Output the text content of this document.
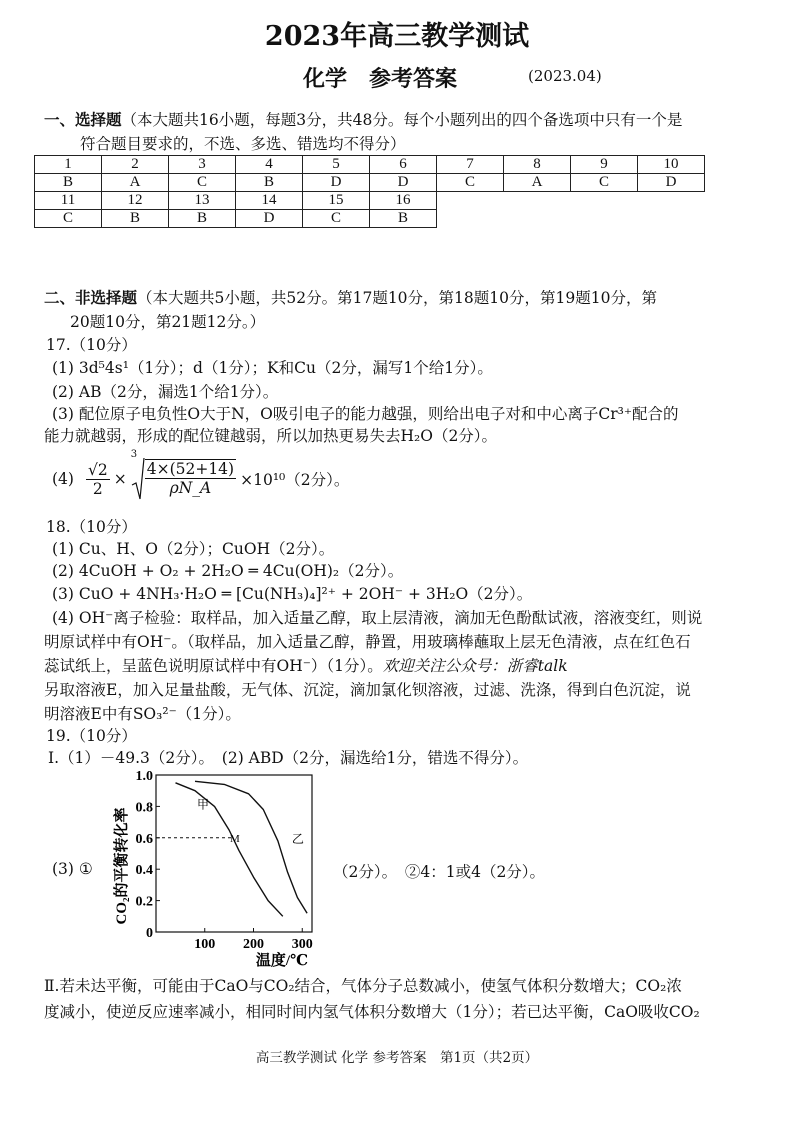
2023年高三教学测试
化学　参考答案	(2023.04)
一、选择题（本大题共16小题，每题3分，共48分。每个小题列出的四个备选项中只有一个是
符合题目要求的，不选、多选、错选均不得分）
1	2	3	4	5	6	7	8	9	10
B	A	C	B	D	D	C	A	C	D
11	12	13	14	15	16				
C	B	B	D	C	B				
二、非选择题（本大题共5小题，共52分。第17题10分，第18题10分，第19题10分，第
20题10分，第21题12分。）
17.（10分）
(1) 3d⁵4s¹（1分）；d（1分）；K和Cu（2分，漏写1个给1分）。
(2) AB（2分，漏选1个给1分）。
(3) 配位原子电负性O大于N，O吸引电子的能力越强，则给出电子对和中心离子Cr³⁺配合的
能力就越弱，形成的配位键越弱，所以加热更易失去H₂O（2分）。
$(4) \frac{√2}{2}$ ×
3
$\frac{4\times(52+14)}{\rho N\_A} \times 10^{10}(2$分）。
18.（10分）
(1) Cu、H、O（2分）；CuOH（2分）。
(2) 4CuOH + O₂ + 2H₂O ═ 4Cu(OH)₂（2分）。
(3) CuO + 4NH₃·H₂O ═ [Cu(NH₃)₄]²⁺ + 2OH⁻ + 3H₂O（2分）。
(4) OH⁻离子检验：取样品，加入适量乙醇，取上层清液，滴加无色酚酞试液，溶液变红，则说
明原试样中有OH⁻。（取样品，加入适量乙醇，静置，用玻璃棒蘸取上层无色清液，点在红色石
蕊试纸上，呈蓝色说明原试样中有OH⁻）（1分）。欢迎关注公众号：浙睿talk
另取溶液E，加入足量盐酸，无气体、沉淀，滴加氯化钡溶液，过滤、洗涤，得到白色沉淀，说
明溶液E中有SO₃²⁻（1分）。
19.（10分）
Ⅰ.（1）－49.3（2分）。　(2) ABD（2分，漏选给1分，错选不得分）。
(3) ①
0
0.2
0.4
0.6
0.8
1.0
100 200 300
甲
乙
M
CO₂的平衡转化率
温度/℃
（2分）。　②4：1或4（2分）。
Ⅱ.若未达平衡，可能由于CaO与CO₂结合，气体分子总数减小，使氢气体积分数增大；CO₂浓
度减小，使逆反应速率减小，相同时间内氢气体积分数增大（1分）；若已达平衡，CaO吸收CO₂
高三教学测试 化学 参考答案　第1页（共2页）
